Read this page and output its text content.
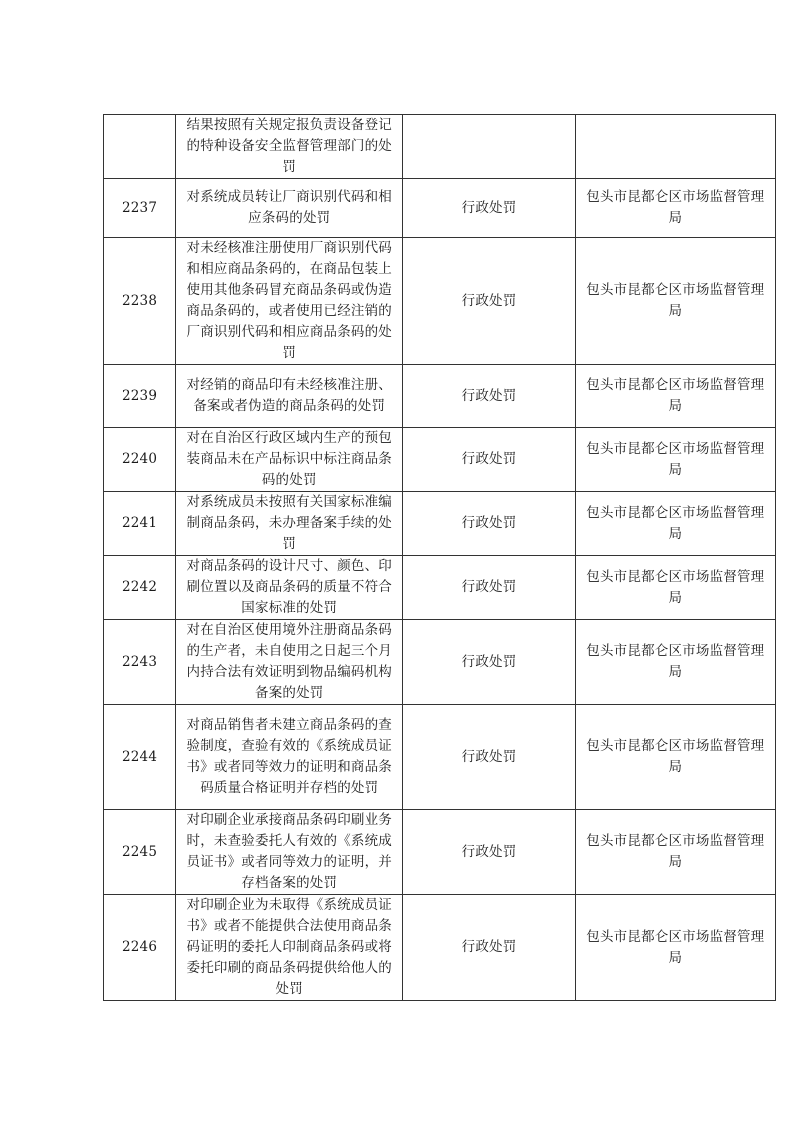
	结果按照有关规定报负责设备登记的特种设备安全监督管理部门的处罚		

2237	对系统成员转让厂商识别代码和相应条码的处罚	行政处罚	包头市昆都仑区市场监督管理局

2238	对未经核准注册使用厂商识别代码和相应商品条码的，在商品包装上使用其他条码冒充商品条码或伪造商品条码的，或者使用已经注销的厂商识别代码和相应商品条码的处罚	行政处罚	包头市昆都仑区市场监督管理局

2239	对经销的商品印有未经核准注册、备案或者伪造的商品条码的处罚	行政处罚	包头市昆都仑区市场监督管理局

2240	对在自治区行政区域内生产的预包装商品未在产品标识中标注商品条码的处罚	行政处罚	包头市昆都仑区市场监督管理局

2241	对系统成员未按照有关国家标准编制商品条码，未办理备案手续的处罚	行政处罚	包头市昆都仑区市场监督管理局

2242	对商品条码的设计尺寸、颜色、印刷位置以及商品条码的质量不符合国家标准的处罚	行政处罚	包头市昆都仑区市场监督管理局

2243	对在自治区使用境外注册商品条码的生产者，未自使用之日起三个月内持合法有效证明到物品编码机构备案的处罚	行政处罚	包头市昆都仑区市场监督管理局

2244	对商品销售者未建立商品条码的查验制度，查验有效的《系统成员证书》或者同等效力的证明和商品条码质量合格证明并存档的处罚	行政处罚	包头市昆都仑区市场监督管理局

2245	对印刷企业承接商品条码印刷业务时，未查验委托人有效的《系统成员证书》或者同等效力的证明，并存档备案的处罚	行政处罚	包头市昆都仑区市场监督管理局

2246	对印刷企业为未取得《系统成员证书》或者不能提供合法使用商品条码证明的委托人印制商品条码或将委托印刷的商品条码提供给他人的处罚	行政处罚	包头市昆都仑区市场监督管理局
